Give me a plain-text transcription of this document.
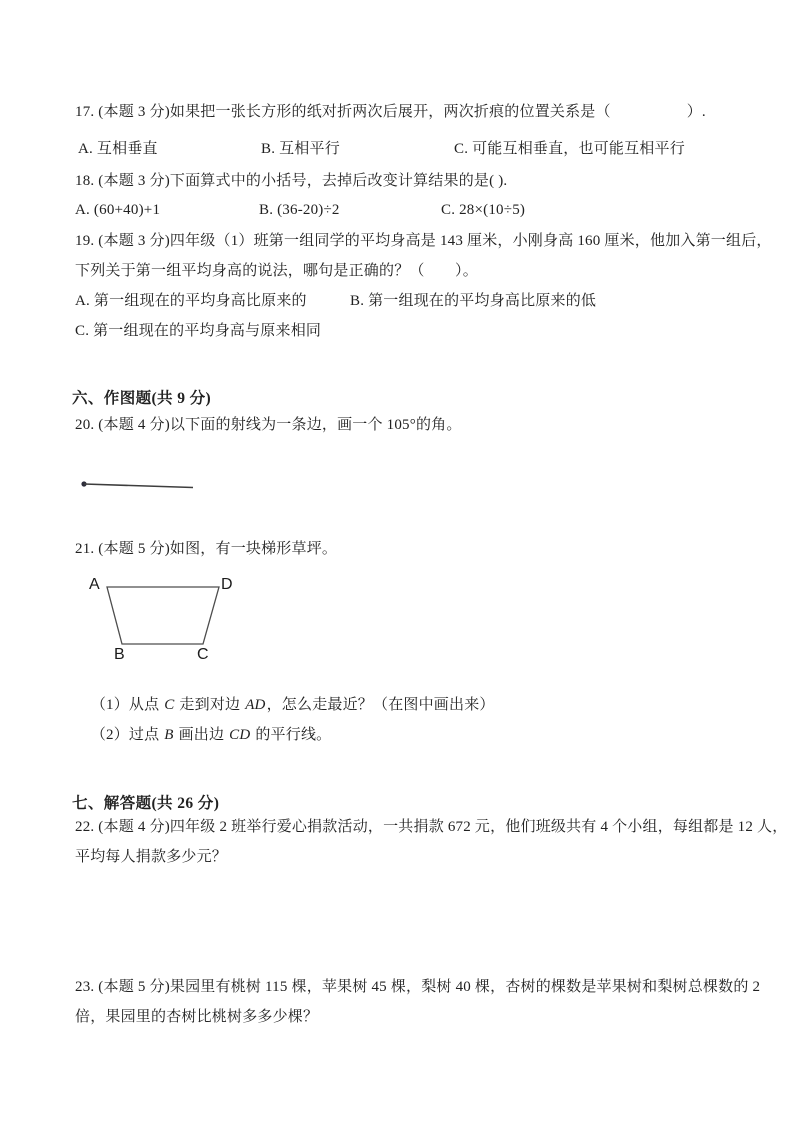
17. (本题 3 分)如果把一张长方形的纸对折两次后展开，两次折痕的位置关系是（　　　　　）.
A. 互相垂直	B. 互相平行	C. 可能互相垂直，也可能互相平行
18. (本题 3 分)下面算式中的小括号，去掉后改变计算结果的是( ).
A. (60+40)+1	B. (36-20)÷2	C. 28×(10÷5)
19. (本题 3 分)四年级（1）班第一组同学的平均身高是 143 厘米，小刚身高 160 厘米，他加入第一组后，
下列关于第一组平均身高的说法，哪句是正确的？（　　）。
A. 第一组现在的平均身高比原来的	B. 第一组现在的平均身高比原来的低
C. 第一组现在的平均身高与原来相同
六、作图题(共 9 分)
20. (本题 4 分)以下面的射线为一条边，画一个 105°的角。
21. (本题 5 分)如图，有一块梯形草坪。
A	D
B	C

（1）从点 C 走到对边 AD，怎么走最近？（在图中画出来）

（2）过点 B 画出边 CD 的平行线。

七、解答题(共 26 分)
22. (本题 4 分)四年级 2 班举行爱心捐款活动，一共捐款 672 元，他们班级共有 4 个小组，每组都是 12 人，
平均每人捐款多少元？
23. (本题 5 分)果园里有桃树 115 棵，苹果树 45 棵，梨树 40 棵，杏树的棵数是苹果树和梨树总棵数的 2
倍，果园里的杏树比桃树多多少棵？
